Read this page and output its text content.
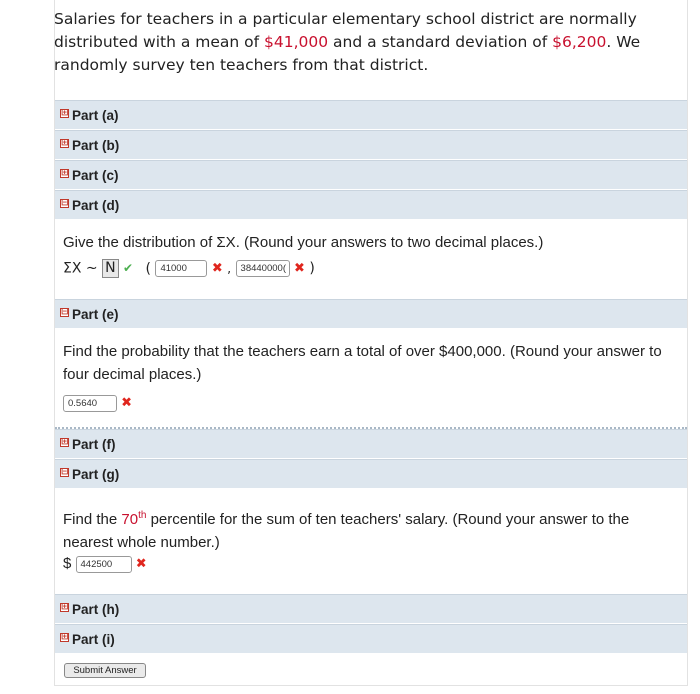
Salaries for teachers in a particular elementary school district are normally distributed with a mean of $41,000 and a standard deviation of $6,200. We randomly survey ten teachers from that district.
⊞ Part (a)
⊞ Part (b)
⊞ Part (c)
⊟ Part (d)
Give the distribution of ΣX. (Round your answers to two decimal places.)
ΣX ~ N ✔ ( 41000 ✖ , 38440000( ✖ )
⊟ Part (e)
Find the probability that the teachers earn a total of over $400,000. (Round your answer to four decimal places.)
0.5640 ✖
⊞ Part (f)
⊟ Part (g)
Find the 70th percentile for the sum of ten teachers' salary. (Round your answer to the nearest whole number.)
$ 442500 ✖
⊞ Part (h)
⊞ Part (i)
Submit Answer
